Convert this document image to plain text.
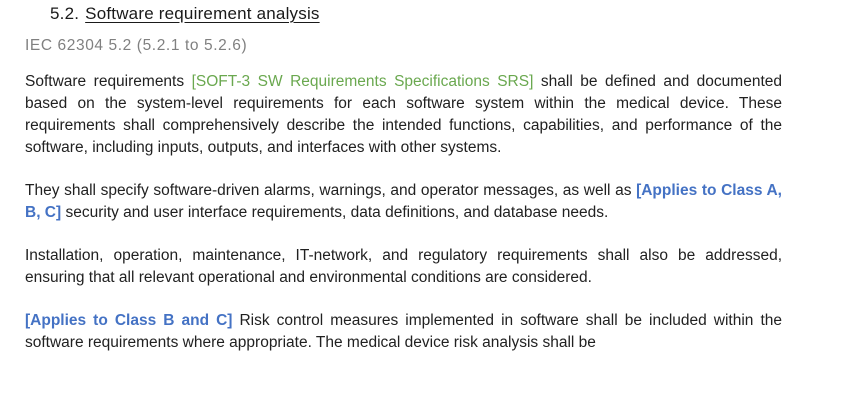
5.2. Software requirement analysis
IEC 62304 5.2 (5.2.1 to 5.2.6)

Software requirements [SOFT-3 SW Requirements Specifications SRS] shall be defined and documented based on the system-level requirements for each software system within the medical device. These requirements shall comprehensively describe the intended functions, capabilities, and performance of the software, including inputs, outputs, and interfaces with other systems.

They shall specify software-driven alarms, warnings, and operator messages, as well as [Applies to Class A, B, C] security and user interface requirements, data definitions, and database needs.

Installation, operation, maintenance, IT-network, and regulatory requirements shall also be addressed, ensuring that all relevant operational and environmental conditions are considered.

[Applies to Class B and C] Risk control measures implemented in software shall be included within the software requirements where appropriate. The medical device risk analysis shall be
